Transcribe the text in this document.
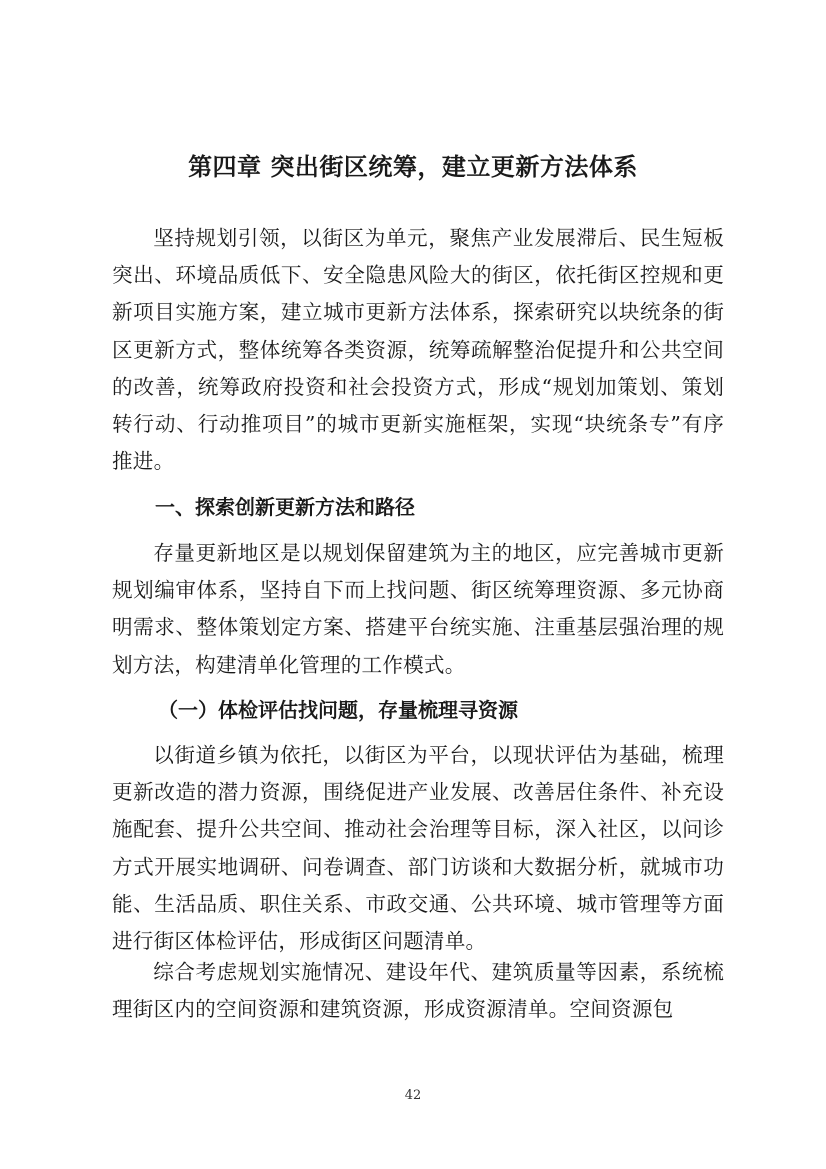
第四章 突出街区统筹，建立更新方法体系

坚持规划引领，以街区为单元，聚焦产业发展滞后、民生短板突出、环境品质低下、安全隐患风险大的街区，依托街区控规和更新项目实施方案，建立城市更新方法体系，探索研究以块统条的街区更新方式，整体统筹各类资源，统筹疏解整治促提升和公共空间的改善，统筹政府投资和社会投资方式，形成“规划加策划、策划转行动、行动推项目”的城市更新实施框架，实现“块统条专”有序推进。

一、探索创新更新方法和路径

存量更新地区是以规划保留建筑为主的地区，应完善城市更新规划编审体系，坚持自下而上找问题、街区统筹理资源、多元协商明需求、整体策划定方案、搭建平台统实施、注重基层强治理的规划方法，构建清单化管理的工作模式。

（一）体检评估找问题，存量梳理寻资源

以街道乡镇为依托，以街区为平台，以现状评估为基础，梳理更新改造的潜力资源，围绕促进产业发展、改善居住条件、补充设施配套、提升公共空间、推动社会治理等目标，深入社区，以问诊方式开展实地调研、问卷调查、部门访谈和大数据分析，就城市功能、生活品质、职住关系、市政交通、公共环境、城市管理等方面进行街区体检评估，形成街区问题清单。

综合考虑规划实施情况、建设年代、建筑质量等因素，系统梳理街区内的空间资源和建筑资源，形成资源清单。空间资源包

42
